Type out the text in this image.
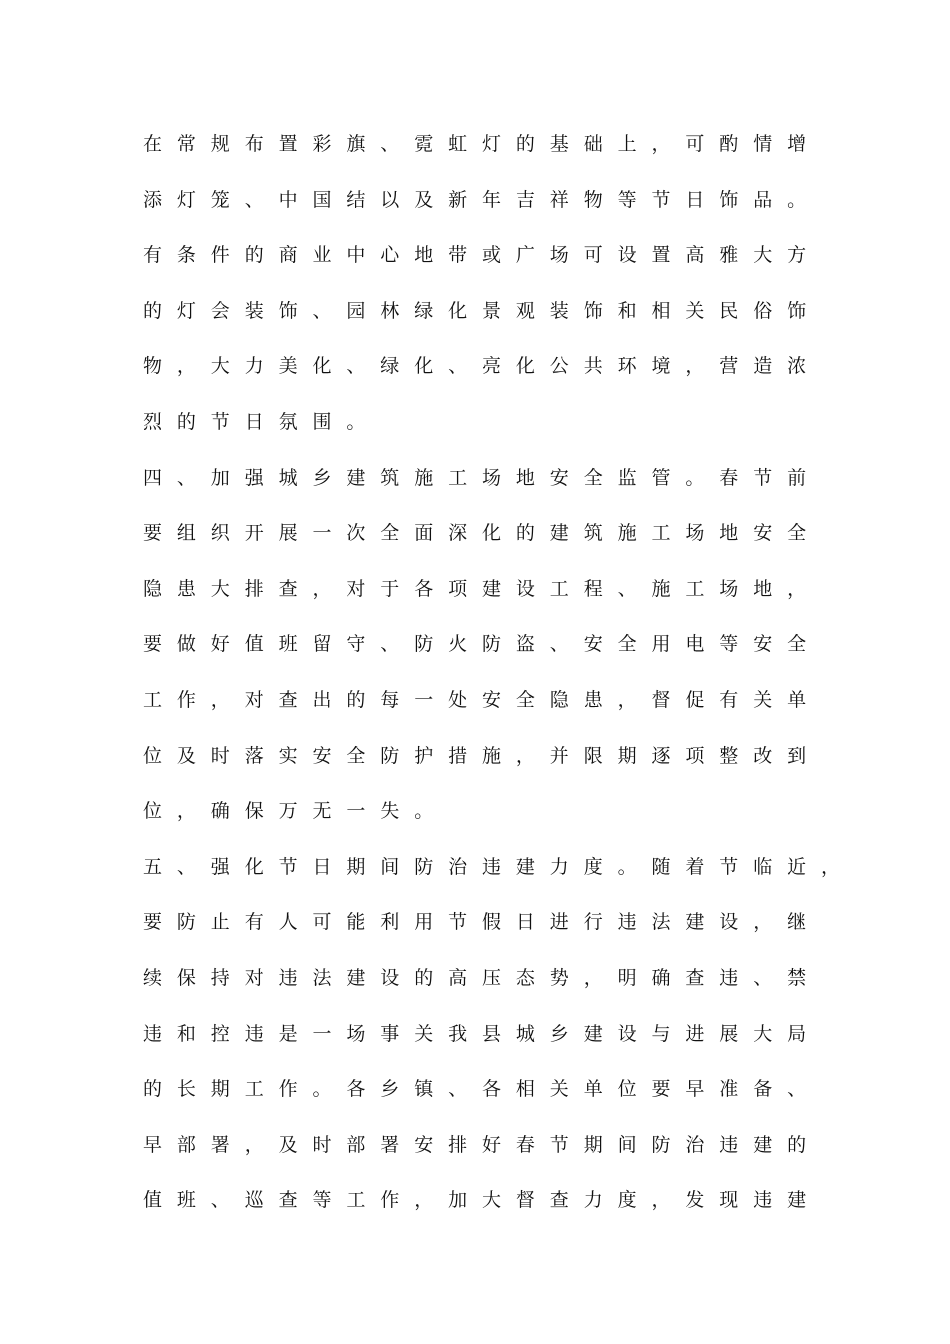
在常规布置彩旗、霓虹灯的基础上，可酌情增
添灯笼、中国结以及新年吉祥物等节日饰品。
有条件的商业中心地带或广场可设置高雅大方
的灯会装饰、园林绿化景观装饰和相关民俗饰
物，大力美化、绿化、亮化公共环境，营造浓
烈的节日氛围。
四、加强城乡建筑施工场地安全监管。春节前
要组织开展一次全面深化的建筑施工场地安全
隐患大排查，对于各项建设工程、施工场地，
要做好值班留守、防火防盗、安全用电等安全
工作，对查出的每一处安全隐患，督促有关单
位及时落实安全防护措施，并限期逐项整改到
位，确保万无一失。
五、强化节日期间防治违建力度。随着节临近，
要防止有人可能利用节假日进行违法建设，继
续保持对违法建设的高压态势，明确查违、禁
违和控违是一场事关我县城乡建设与进展大局
的长期工作。各乡镇、各相关单位要早准备、
早部署，及时部署安排好春节期间防治违建的
值班、巡查等工作，加大督查力度，发现违建
